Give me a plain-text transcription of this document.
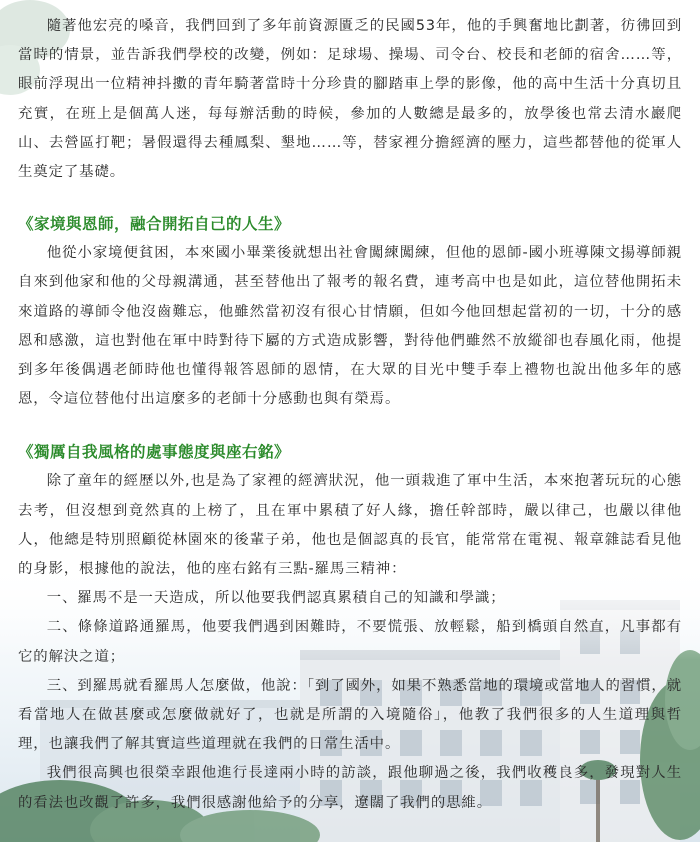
隨著他宏亮的嗓音，我們回到了多年前資源匱乏的民國53年，他的手興奮地比劃著，彷彿回到當時的情景，並告訴我們學校的改變，例如：足球場、操場、司令台、校長和老師的宿舍……等，眼前浮現出一位精神抖擻的青年騎著當時十分珍貴的腳踏車上學的影像，他的高中生活十分真切且充實，在班上是個萬人迷，每每辦活動的時候，參加的人數總是最多的，放學後也常去清水巖爬山、去營區打靶；暑假還得去種鳳梨、墾地……等，替家裡分擔經濟的壓力，這些都替他的從軍人生奠定了基礎。

《家境與恩師，融合開拓自己的人生》

他從小家境便貧困，本來國小畢業後就想出社會闖練闖練，但他的恩師-國小班導陳文揚導師親自來到他家和他的父母親溝通，甚至替他出了報考的報名費，連考高中也是如此，這位替他開拓未來道路的導師令他沒齒難忘，他雖然當初沒有很心甘情願，但如今他回想起當初的一切，十分的感恩和感激，這也對他在軍中時對待下屬的方式造成影響，對待他們雖然不放縱卻也春風化雨，他提到多年後偶遇老師時他也懂得報答恩師的恩情，在大眾的目光中雙手奉上禮物也說出他多年的感恩，令這位替他付出這麼多的老師十分感動也與有榮焉。

《獨厲自我風格的處事態度與座右銘》

除了童年的經歷以外,也是為了家裡的經濟狀況，他一頭栽進了軍中生活，本來抱著玩玩的心態去考，但沒想到竟然真的上榜了，且在軍中累積了好人緣，擔任幹部時，嚴以律己，也嚴以律他人，他總是特別照顧從林園來的後輩子弟，他也是個認真的長官，能常常在電視、報章雜誌看見他的身影，根據他的說法，他的座右銘有三點-羅馬三精神：

一、羅馬不是一天造成，所以他要我們認真累積自己的知識和學識；

二、條條道路通羅馬，他要我們遇到困難時，不要慌張、放輕鬆，船到橋頭自然直，凡事都有它的解決之道；

三、到羅馬就看羅馬人怎麼做，他說：「到了國外，如果不熟悉當地的環境或當地人的習慣，就看當地人在做甚麼或怎麼做就好了，也就是所謂的入境隨俗」，他教了我們很多的人生道理與哲理，也讓我們了解其實這些道理就在我們的日常生活中。

我們很高興也很榮幸跟他進行長達兩小時的訪談，跟他聊過之後，我們收穫良多，發現對人生的看法也改觀了許多，我們很感謝他給予的分享，遼闊了我們的思維。
